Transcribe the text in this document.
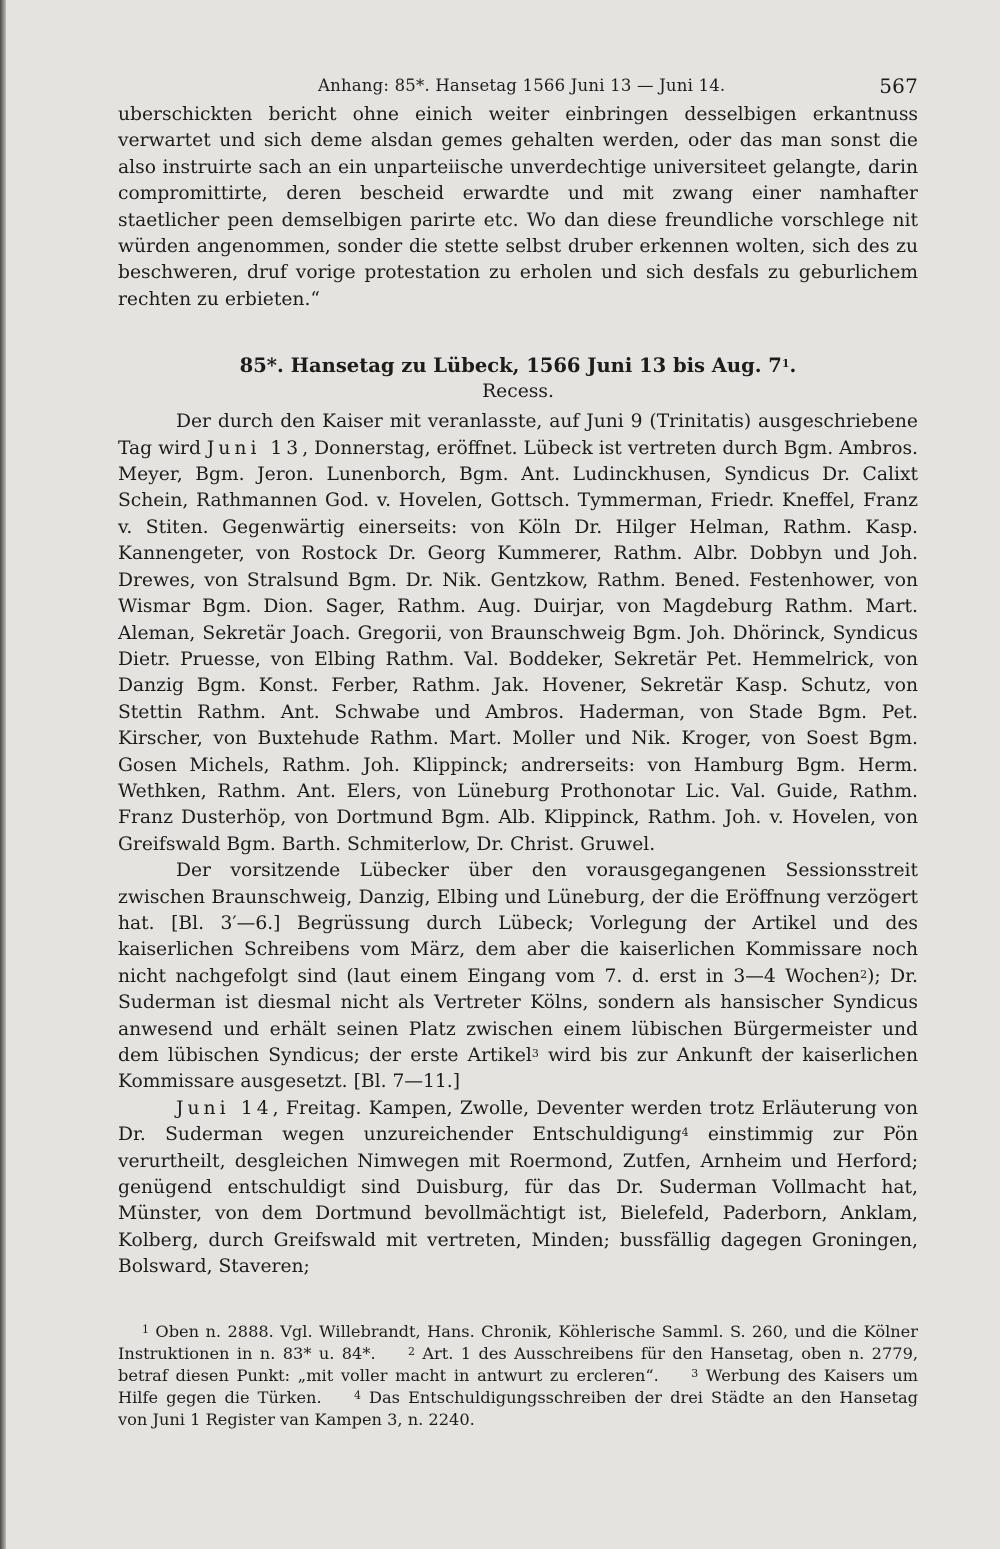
Anhang: 85*. Hansetag 1566 Juni 13 — Juni 14.	567

uberschickten bericht ohne einich weiter einbringen desselbigen erkantnuss verwartet und sich deme alsdan gemes gehalten werden, oder das man sonst die also instruirte sach an ein unparteiische unverdechtige universiteet gelangte, darin compromittirte, deren bescheid erwardte und mit zwang einer namhafter staetlicher peen demselbigen parirte etc. Wo dan diese freundliche vorschlege nit würden angenommen, sonder die stette selbst druber erkennen wolten, sich des zu beschweren, druf vorige protestation zu erholen und sich desfals zu geburlichem rechten zu erbieten.“

85*. Hansetag zu Lübeck, 1566 Juni 13 bis Aug. $7^1$.
Recess.

Der durch den Kaiser mit veranlasste, auf Juni 9 (Trinitatis) ausgeschriebene Tag wird Juni 13, Donnerstag, eröffnet. Lübeck ist vertreten durch Bgm. Ambros. Meyer, Bgm. Jeron. Lunenborch, Bgm. Ant. Ludinckhusen, Syndicus Dr. Calixt Schein, Rathmannen God. v. Hovelen, Gottsch. Tymmerman, Friedr. Kneffel, Franz v. Stiten. Gegenwärtig einerseits: von Köln Dr. Hilger Helman, Rathm. Kasp. Kannengeter, von Rostock Dr. Georg Kummerer, Rathm. Albr. Dobbyn und Joh. Drewes, von Stralsund Bgm. Dr. Nik. Gentzkow, Rathm. Bened. Festenhower, von Wismar Bgm. Dion. Sager, Rathm. Aug. Duirjar, von Magdeburg Rathm. Mart. Aleman, Sekretär Joach. Gregorii, von Braunschweig Bgm. Joh. Dhörinck, Syndicus Dietr. Pruesse, von Elbing Rathm. Val. Boddeker, Sekretär Pet. Hemmelrick, von Danzig Bgm. Konst. Ferber, Rathm. Jak. Hovener, Sekretär Kasp. Schutz, von Stettin Rathm. Ant. Schwabe und Ambros. Haderman, von Stade Bgm. Pet. Kirscher, von Buxtehude Rathm. Mart. Moller und Nik. Kroger, von Soest Bgm. Gosen Michels, Rathm. Joh. Klippinck; andrerseits: von Hamburg Bgm. Herm. Wethken, Rathm. Ant. Elers, von Lüneburg Prothonotar Lic. Val. Guide, Rathm. Franz Dusterhöp, von Dortmund Bgm. Alb. Klippinck, Rathm. Joh. v. Hovelen, von Greifswald Bgm. Barth. Schmiterlow, Dr. Christ. Gruwel.

Der vorsitzende Lübecker über den vorausgegangenen Sessionsstreit zwischen Braunschweig, Danzig, Elbing und Lüneburg, der die Eröffnung verzögert hat. [Bl. 3′—6.] Begrüssung durch Lübeck; Vorlegung der Artikel und des kaiserlichen Schreibens vom März, dem aber die kaiserlichen Kommissare noch nicht nachgefolgt sind (laut einem Eingang vom 7. d. erst in 3—4 Wochen$^2$); Dr. Suderman ist diesmal nicht als Vertreter Kölns, sondern als hansischer Syndicus anwesend und erhält seinen Platz zwischen einem lübischen Bürgermeister und dem lübischen Syndicus; der erste Artikel$^3$ wird bis zur Ankunft der kaiserlichen Kommissare ausgesetzt. [Bl. 7—11.]

Juni 14, Freitag. Kampen, Zwolle, Deventer werden trotz Erläuterung von Dr. Suderman wegen unzureichender Entschuldigung$^4$ einstimmig zur Pön verurtheilt, desgleichen Nimwegen mit Roermond, Zutfen, Arnheim und Herford; genügend entschuldigt sind Duisburg, für das Dr. Suderman Vollmacht hat, Münster, von dem Dortmund bevollmächtigt ist, Bielefeld, Paderborn, Anklam, Kolberg, durch Greifswald mit vertreten, Minden; bussfällig dagegen Groningen, Bolsward, Staveren;

$^1$ Oben n. 2888. Vgl. Willebrandt, Hans. Chronik, Köhlerische Samml. S. 260, und die Kölner Instruktionen in n. 83* u. 84*.  	$^2$ Art. 1 des Ausschreibens für den Hansetag, oben n. 2779, betraf diesen Punkt: „mit voller macht in antwurt zu ercleren“.  	$^3$ Werbung des Kaisers um Hilfe gegen die Türken.  	$^4$ Das Entschuldigungsschreiben der drei Städte an den Hansetag von Juni 1 Register van Kampen 3, n. 2240.
